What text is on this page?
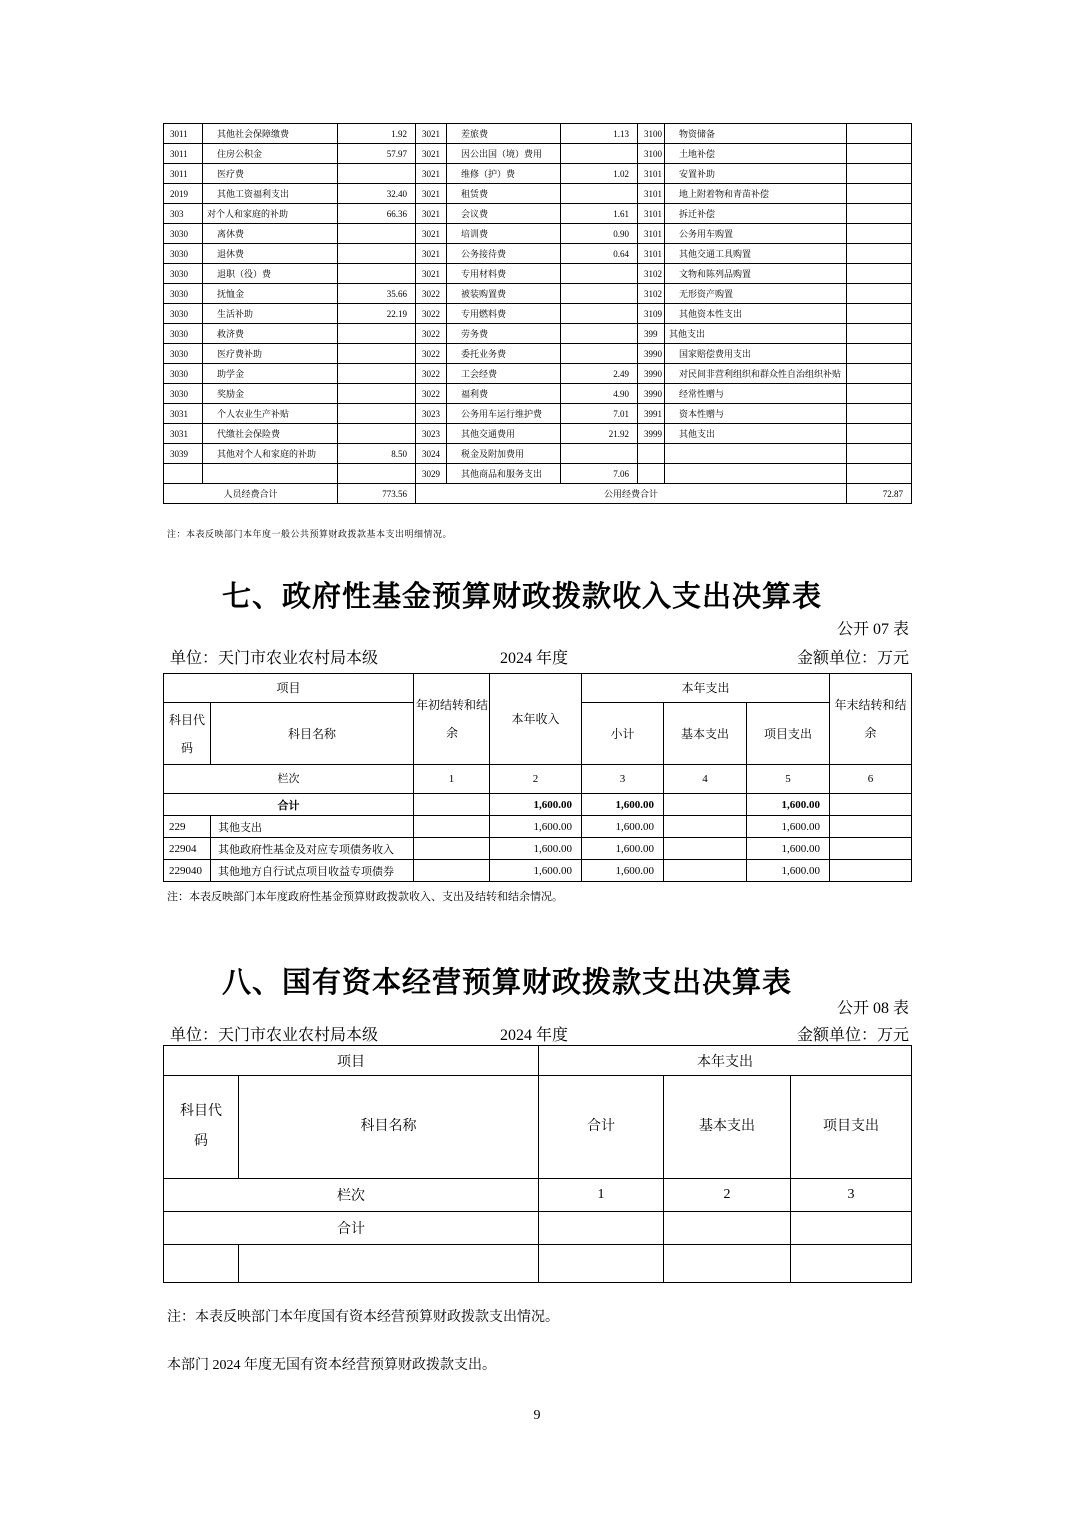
3011	其他社会保障缴费	1.92	3021	差旅费	1.13	3100	物资储备	
3011	住房公积金	57.97	3021	因公出国（境）费用		3100	土地补偿	
3011	医疗费		3021	维修（护）费	1.02	3101	安置补助	
2019	其他工资福利支出	32.40	3021	租赁费		3101	地上附着物和青苗补偿	
303	对个人和家庭的补助	66.36	3021	会议费	1.61	3101	拆迁补偿	
3030	离休费		3021	培训费	0.90	3101	公务用车购置	
3030	退休费		3021	公务接待费	0.64	3101	其他交通工具购置	
3030	退职（役）费		3021	专用材料费		3102	文物和陈列品购置	
3030	抚恤金	35.66	3022	被装购置费		3102	无形资产购置	
3030	生活补助	22.19	3022	专用燃料费		3109	其他资本性支出	
3030	救济费		3022	劳务费		399	其他支出	
3030	医疗费补助		3022	委托业务费		3990	国家赔偿费用支出	
3030	助学金		3022	工会经费	2.49	3990	对民间非营利组织和群众性自治组织补贴	
3030	奖励金		3022	福利费	4.90	3990	经常性赠与	
3031	个人农业生产补贴		3023	公务用车运行维护费	7.01	3991	资本性赠与	
3031	代缴社会保险费		3023	其他交通费用	21.92	3999	其他支出	
3039	其他对个人和家庭的补助	8.50	3024	税金及附加费用				
			3029	其他商品和服务支出	7.06			
人员经费合计		773.56	公用经费合计					72.87
注：本表反映部门本年度一般公共预算财政拨款基本支出明细情况。
七、政府性基金预算财政拨款收入支出决算表
公开 07 表
单位：天门市农业农村局本级	2024 年度	金额单位：万元
项目		年初结转和结余	本年收入	本年支出			年末结转和结余
科目代码	科目名称			小计	基本支出	项目支出	
栏次		1	2	3	4	5	6
合计			1,600.00	1,600.00		1,600.00	
229	其他支出		1,600.00	1,600.00		1,600.00	
22904	其他政府性基金及对应专项债务收入		1,600.00	1,600.00		1,600.00	
229040	其他地方自行试点项目收益专项债券		1,600.00	1,600.00		1,600.00	
注：本表反映部门本年度政府性基金预算财政拨款收入、支出及结转和结余情况。
八、国有资本经营预算财政拨款支出决算表
公开 08 表
单位：天门市农业农村局本级	2024 年度	金额单位：万元
项目		本年支出		
科目代码	科目名称	合计	基本支出	项目支出
栏次		1	2	3
合计				

注：本表反映部门本年度国有资本经营预算财政拨款支出情况。
本部门 2024 年度无国有资本经营预算财政拨款支出。
9
